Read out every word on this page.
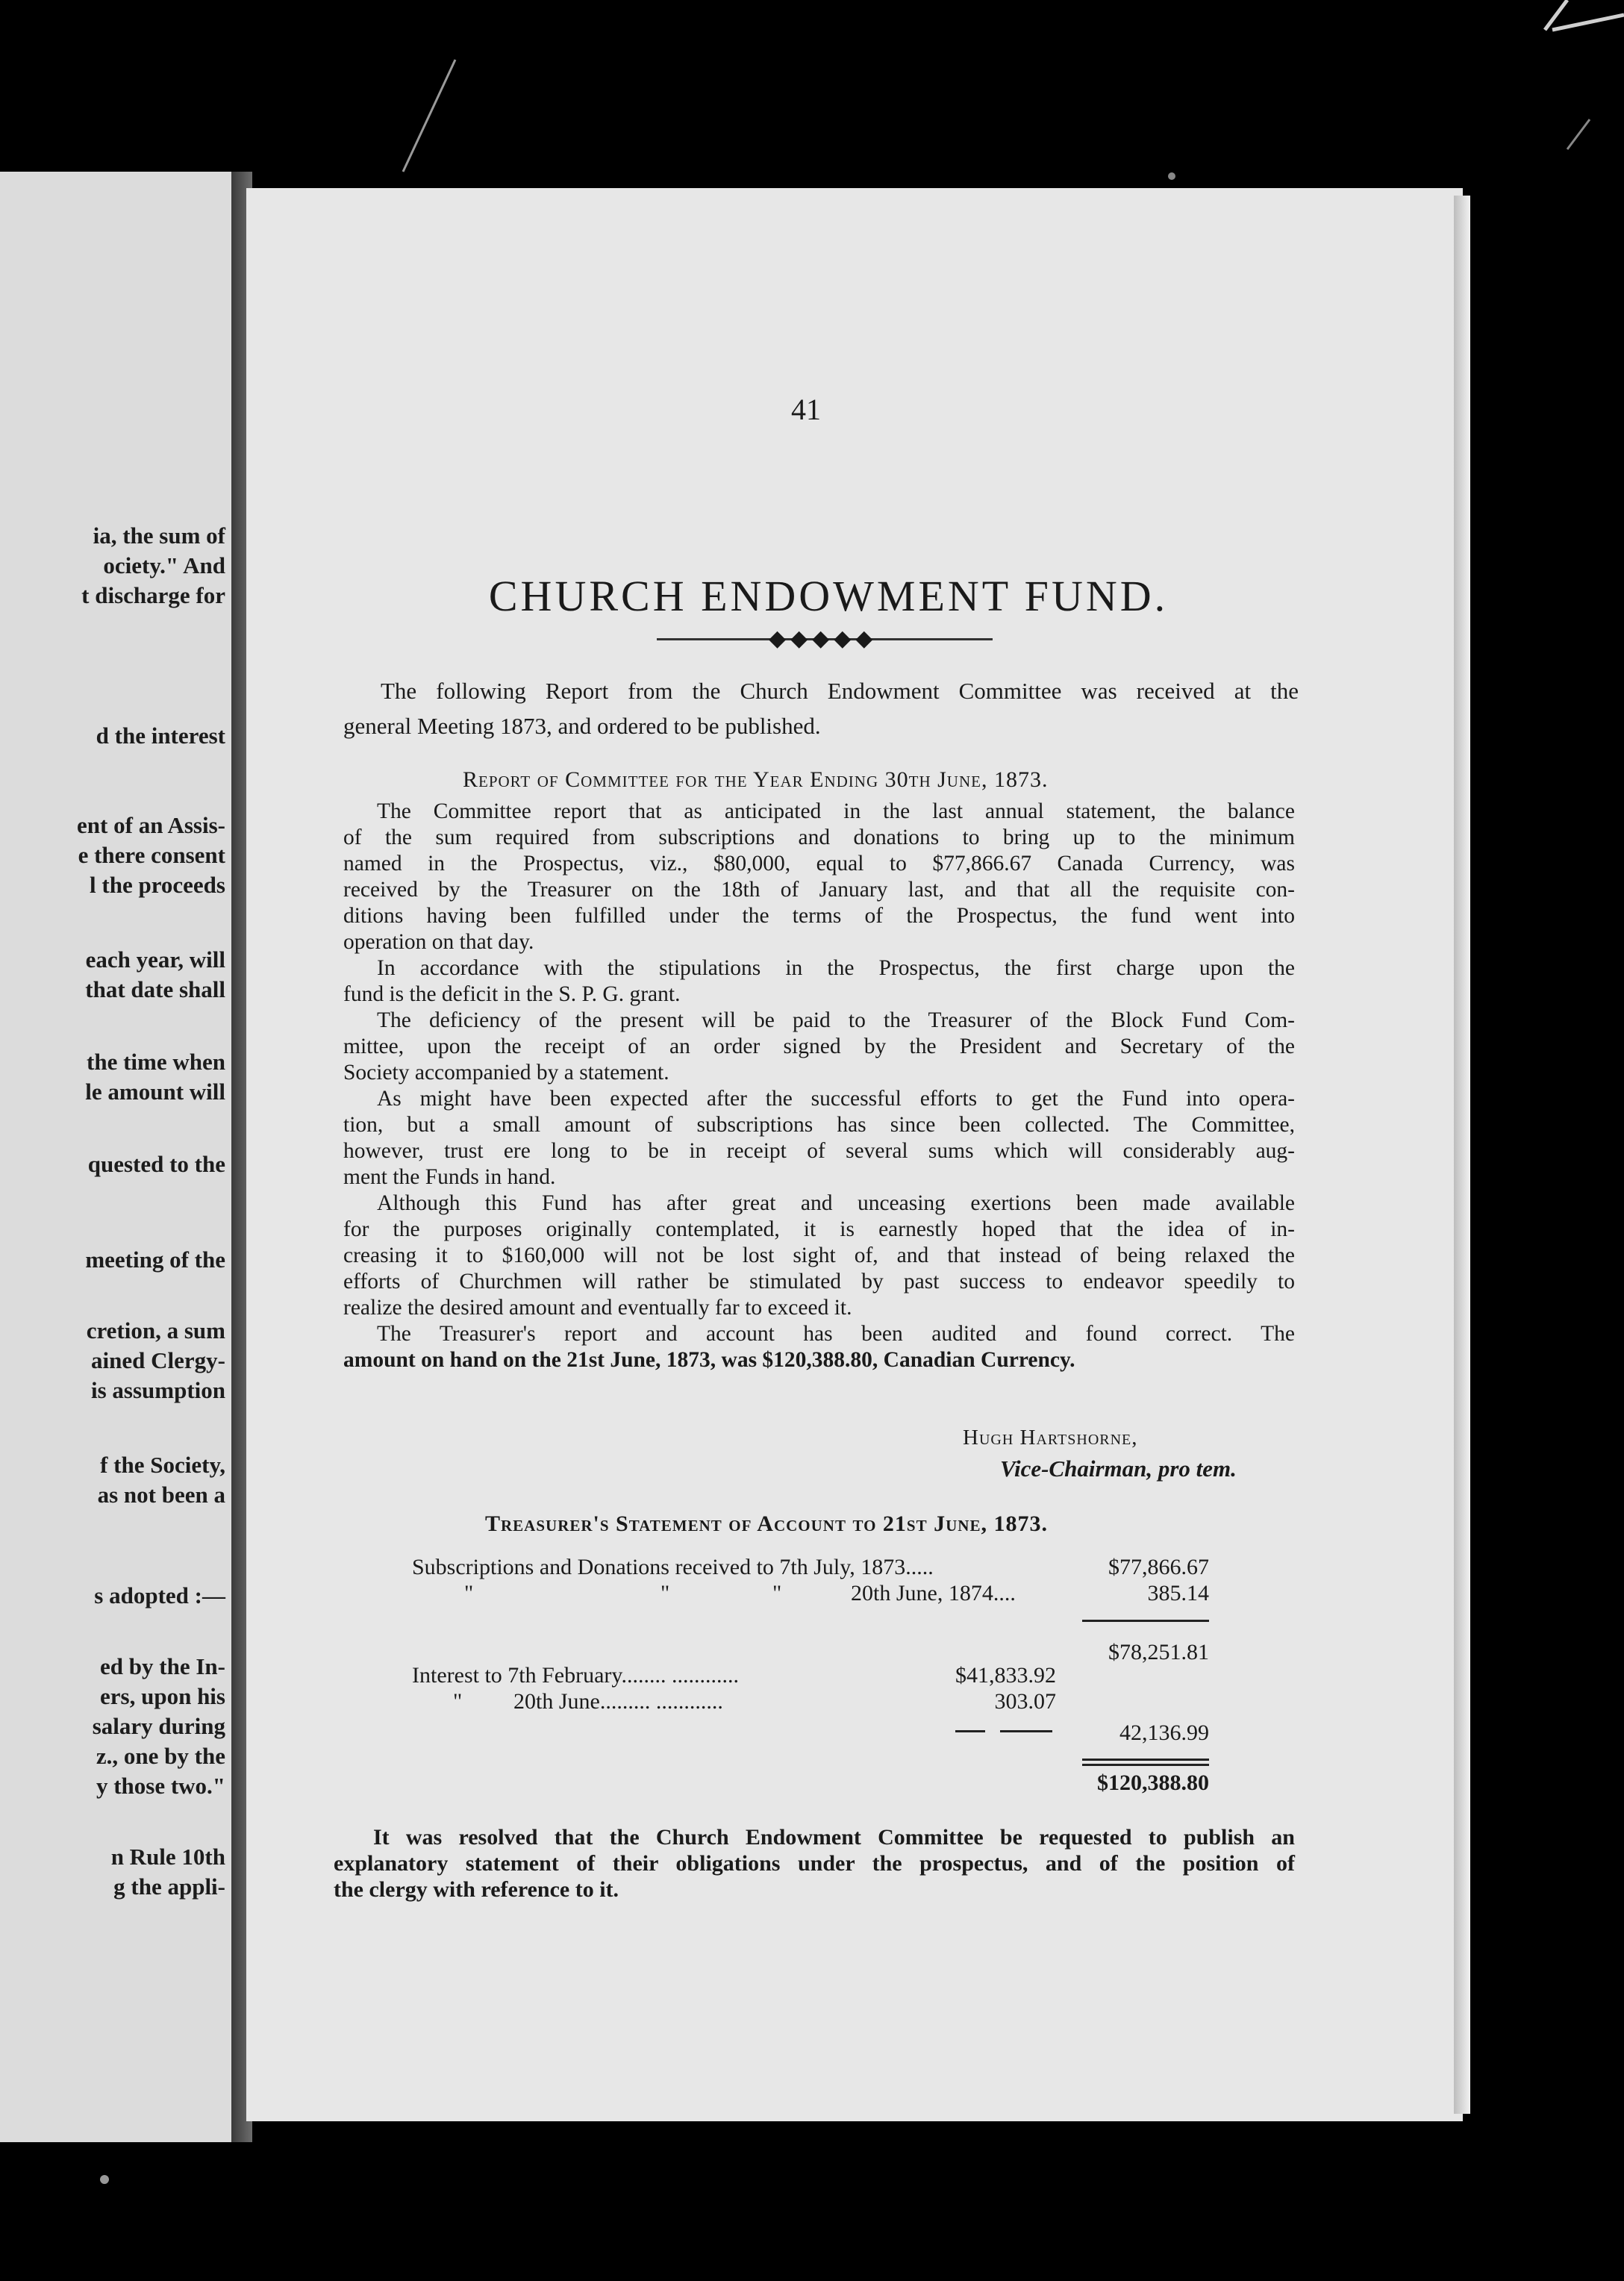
ia, the sum of
ociety." And
t discharge for
d the interest
ent of an Assis-
e there consent
l the proceeds
each year, will
that date shall
the time when
le amount will
quested to the
meeting of the
cretion, a sum
ained Clergy-
is assumption
f the Society,
as not been a
s adopted :—
ed by the In-
ers, upon his
salary during
z., one by the
y those two."
n Rule 10th
g the appli-
41
CHURCH ENDOWMENT FUND.
◆◆◆◆◆
The following Report from the Church Endowment Committee was received at the
general Meeting 1873, and ordered to be published.
Report of Committee for the Year Ending 30th June, 1873.
The Committee report that as anticipated in the last annual statement, the balance
of the sum required from subscriptions and donations to bring up to the minimum
named in the Prospectus, viz., $80,000, equal to $77,866.67 Canada Currency, was
received by the Treasurer on the 18th of January last, and that all the requisite con-
ditions having been fulfilled under the terms of the Prospectus, the fund went into
operation on that day.
In accordance with the stipulations in the Prospectus, the first charge upon the
fund is the deficit in the S. P. G. grant.
The deficiency of the present will be paid to the Treasurer of the Block Fund Com-
mittee, upon the receipt of an order signed by the President and Secretary of the
Society accompanied by a statement.
As might have been expected after the successful efforts to get the Fund into opera-
tion, but a small amount of subscriptions has since been collected. The Committee,
however, trust ere long to be in receipt of several sums which will considerably aug-
ment the Funds in hand.
Although this Fund has after great and unceasing exertions been made available
for the purposes originally contemplated, it is earnestly hoped that the idea of in-
creasing it to $160,000 will not be lost sight of, and that instead of being relaxed the
efforts of Churchmen will rather be stimulated by past success to endeavor speedily to
realize the desired amount and eventually far to exceed it.
The Treasurer's report and account has been audited and found correct. The
amount on hand on the 21st June, 1873, was $120,388.80, Canadian Currency.
Hugh Hartshorne,
Vice-Chairman, pro tem.
Treasurer's Statement of Account to 21st June, 1873.
Subscriptions and Donations received to 7th July, 1873.....	$77,866.67
"	"	"	20th June, 1874....	385.14
$78,251.81
Interest to 7th February........ ............	$41,833.92
" 20th June......... ............	303.07
42,136.99
$120,388.80
It was resolved that the Church Endowment Committee be requested to publish an
explanatory statement of their obligations under the prospectus, and of the position of
the clergy with reference to it.
